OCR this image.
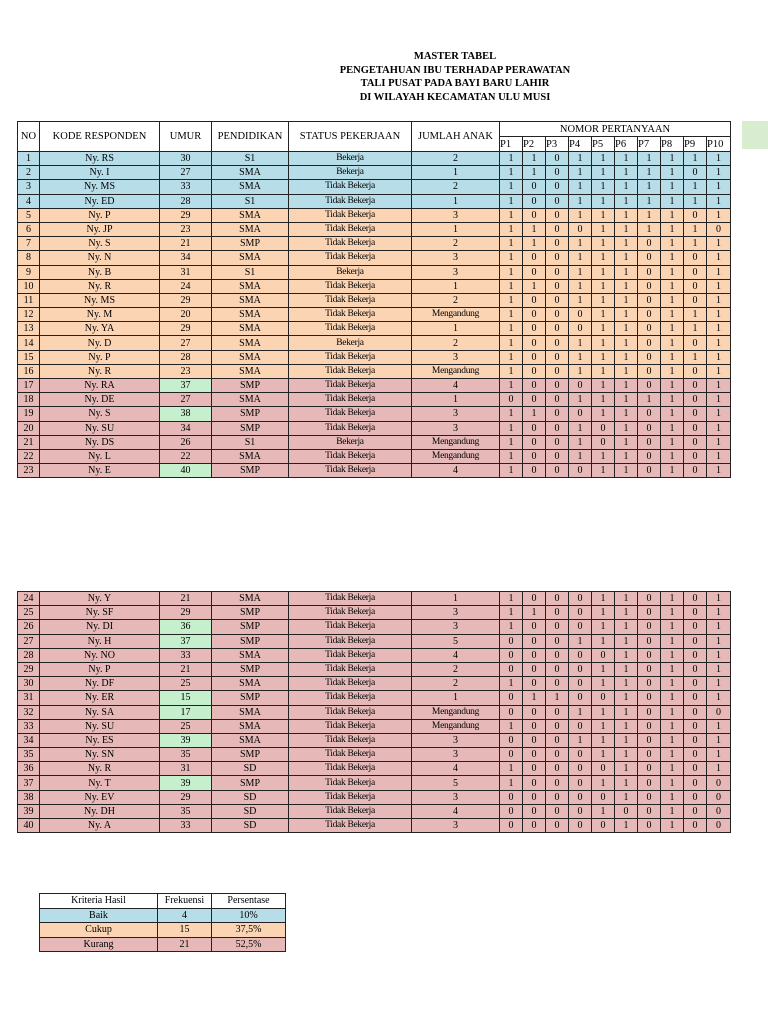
MASTER TABEL
PENGETAHUAN IBU TERHADAP PERAWATAN
TALI PUSAT PADA BAYI BARU LAHIR
DI WILAYAH KECAMATAN ULU MUSI
NO	KODE RESPONDEN	UMUR	PENDIDIKAN	STATUS PEKERJAAN	JUMLAH ANAK	NOMOR PERTANYAAN									
						P1	P2	P3	P4	P5	P6	P7	P8	P9	P10
1	Ny. RS	30	S1	Bekerja	2	1	1	0	1	1	1	1	1	1	1
2	Ny. I	27	SMA	Bekerja	1	1	1	0	1	1	1	1	1	0	1
3	Ny. MS	33	SMA	Tidak Bekerja	2	1	0	0	1	1	1	1	1	1	1
4	Ny. ED	28	S1	Tidak Bekerja	1	1	0	0	1	1	1	1	1	1	1
5	Ny. P	29	SMA	Tidak Bekerja	3	1	0	0	1	1	1	1	1	0	1
6	Ny. JP	23	SMA	Tidak Bekerja	1	1	1	0	0	1	1	1	1	1	0
7	Ny. S	21	SMP	Tidak Bekerja	2	1	1	0	1	1	1	0	1	1	1
8	Ny. N	34	SMA	Tidak Bekerja	3	1	0	0	1	1	1	0	1	0	1
9	Ny. B	31	S1	Bekerja	3	1	0	0	1	1	1	0	1	0	1
10	Ny. R	24	SMA	Tidak Bekerja	1	1	1	0	1	1	1	0	1	0	1
11	Ny. MS	29	SMA	Tidak Bekerja	2	1	0	0	1	1	1	0	1	0	1
12	Ny. M	20	SMA	Tidak Bekerja	Mengandung	1	0	0	0	1	1	0	1	1	1
13	Ny. YA	29	SMA	Tidak Bekerja	1	1	0	0	0	1	1	0	1	1	1
14	Ny. D	27	SMA	Bekerja	2	1	0	0	1	1	1	0	1	0	1
15	Ny. P	28	SMA	Tidak Bekerja	3	1	0	0	1	1	1	0	1	1	1
16	Ny. R	23	SMA	Tidak Bekerja	Mengandung	1	0	0	1	1	1	0	1	0	1
17	Ny. RA	37	SMP	Tidak Bekerja	4	1	0	0	0	1	1	0	1	0	1
18	Ny. DE	27	SMA	Tidak Bekerja	1	0	0	0	1	1	1	1	1	0	1
19	Ny. S	38	SMP	Tidak Bekerja	3	1	1	0	0	1	1	0	1	0	1
20	Ny. SU	34	SMP	Tidak Bekerja	3	1	0	0	1	0	1	0	1	0	1
21	Ny. DS	26	S1	Bekerja	Mengandung	1	0	0	1	0	1	0	1	0	1
22	Ny. L	22	SMA	Tidak Bekerja	Mengandung	1	0	0	1	1	1	0	1	0	1
23	Ny. E	40	SMP	Tidak Bekerja	4	1	0	0	0	1	1	0	1	0	1
24	Ny. Y	21	SMA	Tidak Bekerja	1	1	0	0	0	1	1	0	1	0	1
25	Ny. SF	29	SMP	Tidak Bekerja	3	1	1	0	0	1	1	0	1	0	1
26	Ny. DI	36	SMP	Tidak Bekerja	3	1	0	0	0	1	1	0	1	0	1
27	Ny. H	37	SMP	Tidak Bekerja	5	0	0	0	1	1	1	0	1	0	1
28	Ny. NO	33	SMA	Tidak Bekerja	4	0	0	0	0	0	1	0	1	0	1
29	Ny. P	21	SMP	Tidak Bekerja	2	0	0	0	0	1	1	0	1	0	1
30	Ny. DF	25	SMA	Tidak Bekerja	2	1	0	0	0	1	1	0	1	0	1
31	Ny. ER	15	SMP	Tidak Bekerja	1	0	1	1	0	0	1	0	1	0	1
32	Ny. SA	17	SMA	Tidak Bekerja	Mengandung	0	0	0	1	1	1	0	1	0	0
33	Ny. SU	25	SMA	Tidak Bekerja	Mengandung	1	0	0	0	1	1	0	1	0	1
34	Ny. ES	39	SMA	Tidak Bekerja	3	0	0	0	1	1	1	0	1	0	1
35	Ny. SN	35	SMP	Tidak Bekerja	3	0	0	0	0	1	1	0	1	0	1
36	Ny. R	31	SD	Tidak Bekerja	4	1	0	0	0	0	1	0	1	0	1
37	Ny. T	39	SMP	Tidak Bekerja	5	1	0	0	0	1	1	0	1	0	0
38	Ny. EV	29	SD	Tidak Bekerja	3	0	0	0	0	0	1	0	1	0	0
39	Ny. DH	35	SD	Tidak Bekerja	4	0	0	0	0	1	0	0	1	0	0
40	Ny. A	33	SD	Tidak Bekerja	3	0	0	0	0	0	1	0	1	0	0
Kriteria Hasil	Frekuensi	Persentase
Baik	4	10%
Cukup	15	37,5%
Kurang	21	52,5%
